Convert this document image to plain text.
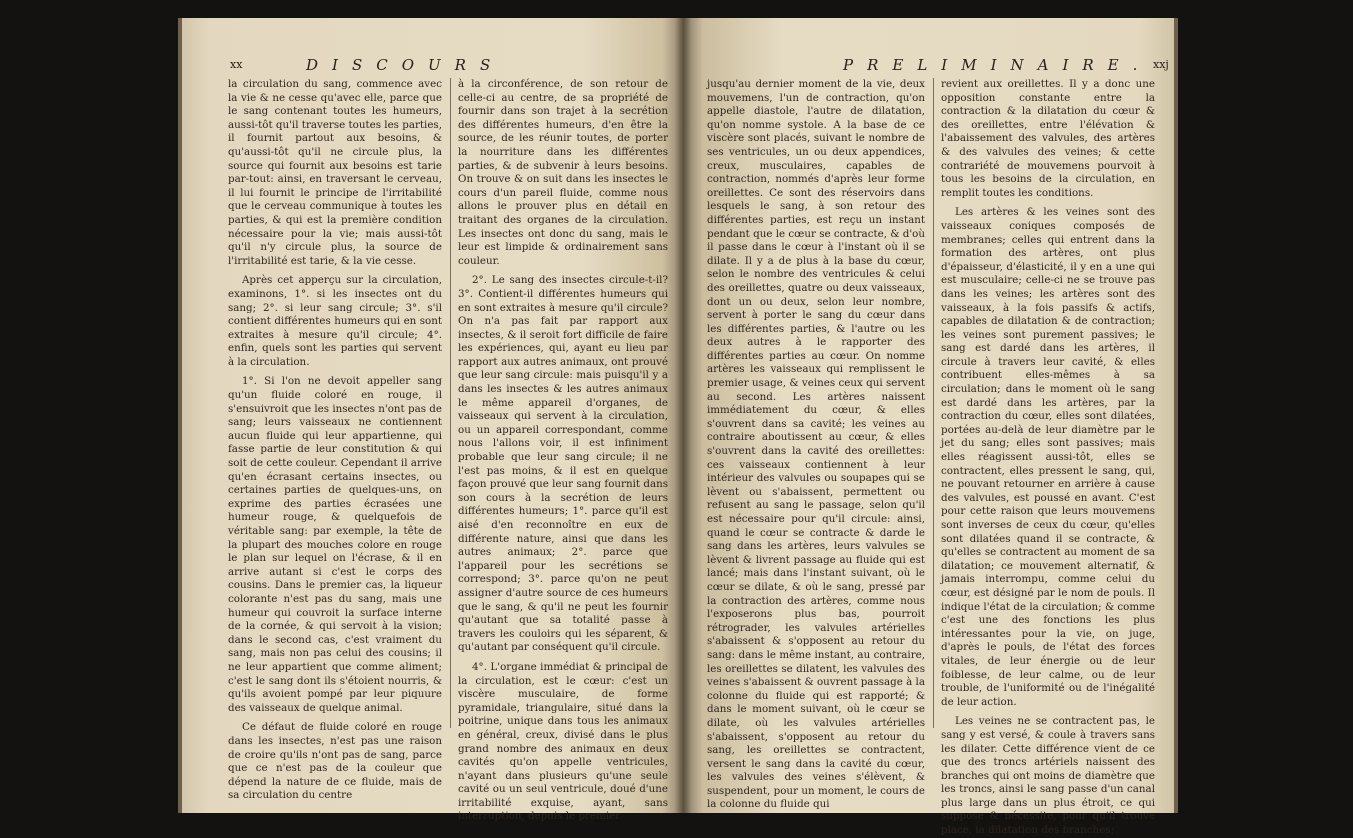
xx	DISCOURS

la circulation du sang, commence avec la vie & ne cesse qu'avec elle, parce que le sang contenant toutes les humeurs, aussi-tôt qu'il traverse toutes les parties, il fournit partout aux besoins, & qu'aussi-tôt qu'il ne circule plus, la source qui fournit aux besoins est tarie par-tout: ainsi, en traversant le cerveau, il lui fournit le principe de l'irritabilité que le cerveau communique à toutes les parties, & qui est la première condition nécessaire pour la vie; mais aussi-tôt qu'il n'y circule plus, la source de l'irritabilité est tarie, & la vie cesse.

Après cet apperçu sur la circulation, examinons, 1°. si les insectes ont du sang; 2°. si leur sang circule; 3°. s'il contient différentes humeurs qui en sont extraites à mesure qu'il circule; 4°. enfin, quels sont les parties qui servent à la circulation.

1°. Si l'on ne devoit appeller sang qu'un fluide coloré en rouge, il s'ensuivroit que les insectes n'ont pas de sang; leurs vaisseaux ne contiennent aucun fluide qui leur appartienne, qui fasse partie de leur constitution & qui soit de cette couleur. Cependant il arrive qu'en écrasant certains insectes, ou certaines parties de quelques-uns, on exprime des parties écrasées une humeur rouge, & quelquefois de véritable sang: par exemple, la tête de la plupart des mouches colore en rouge le plan sur lequel on l'écrase, & il en arrive autant si c'est le corps des cousins. Dans le premier cas, la liqueur colorante n'est pas du sang, mais une humeur qui couvroit la surface interne de la cornée, & qui servoit à la vision; dans le second cas, c'est vraiment du sang, mais non pas celui des cousins; il ne leur appartient que comme aliment; c'est le sang dont ils s'étoient nourris, & qu'ils avoient pompé par leur piquure des vaisseaux de quelque animal.

Ce défaut de fluide coloré en rouge dans les insectes, n'est pas une raison de croire qu'ils n'ont pas de sang, parce que ce n'est pas de la couleur que dépend la nature de ce fluide, mais de sa circulation du centre

à la circonférence, de son retour de celle-ci au centre, de sa propriété de fournir dans son trajet à la secrétion des différentes humeurs, d'en être la source, de les réunir toutes, de porter la nourriture dans les différentes parties, & de subvenir à leurs besoins. On trouve & on suit dans les insectes le cours d'un pareil fluide, comme nous allons le prouver plus en détail en traitant des organes de la circulation. Les insectes ont donc du sang, mais le leur est limpide & ordinairement sans couleur.

2°. Le sang des insectes circule-t-il? 3°. Contient-il différentes humeurs qui en sont extraites à mesure qu'il circule? On n'a pas fait par rapport aux insectes, & il seroit fort difficile de faire les expériences, qui, ayant eu lieu par rapport aux autres animaux, ont prouvé que leur sang circule: mais puisqu'il y a dans les insectes & les autres animaux le même appareil d'organes, de vaisseaux qui servent à la circulation, ou un appareil correspondant, comme nous l'allons voir, il est infiniment probable que leur sang circule; il ne l'est pas moins, & il est en quelque façon prouvé que leur sang fournit dans son cours à la secrétion de leurs différentes humeurs; 1°. parce qu'il est aisé d'en reconnoître en eux de différente nature, ainsi que dans les autres animaux; 2°. parce que l'appareil pour les secrétions se correspond; 3°. parce qu'on ne peut assigner d'autre source de ces humeurs que le sang, & qu'il ne peut les fournir qu'autant que sa totalité passe à travers les couloirs qui les séparent, & qu'autant par conséquent qu'il circule.

4°. L'organe immédiat & principal de la circulation, est le cœur: c'est un viscère musculaire, de forme pyramidale, triangulaire, situé dans la poitrine, unique dans tous les animaux en général, creux, divisé dans le plus grand nombre des animaux en deux cavités qu'on appelle ventricules, n'ayant dans plusieurs qu'une seule cavité ou un seul ventricule, doué d'une irritabilité exquise, ayant, sans interruption, depuis le premier

PRELIMINAIRE. xxj

jusqu'au dernier moment de la vie, deux mouvemens, l'un de contraction, qu'on appelle diastole, l'autre de dilatation, qu'on nomme systole. A la base de ce viscère sont placés, suivant le nombre de ses ventricules, un ou deux appendices, creux, musculaires, capables de contraction, nommés d'après leur forme oreillettes. Ce sont des réservoirs dans lesquels le sang, à son retour des différentes parties, est reçu un instant pendant que le cœur se contracte, & d'où il passe dans le cœur à l'instant où il se dilate. Il y a de plus à la base du cœur, selon le nombre des ventricules & celui des oreillettes, quatre ou deux vaisseaux, dont un ou deux, selon leur nombre, servent à porter le sang du cœur dans les différentes parties, & l'autre ou les deux autres à le rapporter des différentes parties au cœur. On nomme artères les vaisseaux qui remplissent le premier usage, & veines ceux qui servent au second. Les artères naissent immédiatement du cœur, & elles s'ouvrent dans sa cavité; les veines au contraire aboutissent au cœur, & elles s'ouvrent dans la cavité des oreillettes: ces vaisseaux contiennent à leur intérieur des valvules ou soupapes qui se lèvent ou s'abaissent, permettent ou refusent au sang le passage, selon qu'il est nécessaire pour qu'il circule: ainsi, quand le cœur se contracte & darde le sang dans les artères, leurs valvules se lèvent & livrent passage au fluide qui est lancé; mais dans l'instant suivant, où le cœur se dilate, & où le sang, pressé par la contraction des artères, comme nous l'exposerons plus bas, pourroit rétrograder, les valvules artérielles s'abaissent & s'opposent au retour du sang: dans le même instant, au contraire, les oreillettes se dilatent, les valvules des veines s'abaissent & ouvrent passage à la colonne du fluide qui est rapporté; & dans le moment suivant, où le cœur se dilate, où les valvules artérielles s'abaissent, s'opposent au retour du sang, les oreillettes se contractent, versent le sang dans la cavité du cœur, les valvules des veines s'élèvent, & suspendent, pour un moment, le cours de la colonne du fluide qui

revient aux oreillettes. Il y a donc une opposition constante entre la contraction & la dilatation du cœur & des oreillettes, entre l'élévation & l'abaissement des valvules, des artères & des valvules des veines; & cette contrariété de mouvemens pourvoit à tous les besoins de la circulation, en remplit toutes les conditions.

Les artères & les veines sont des vaisseaux coniques composés de membranes; celles qui entrent dans la formation des artères, ont plus d'épaisseur, d'élasticité, il y en a une qui est musculaire; celle-ci ne se trouve pas dans les veines; les artères sont des vaisseaux, à la fois passifs & actifs, capables de dilatation & de contraction; les veines sont purement passives; le sang est dardé dans les artères, il circule à travers leur cavité, & elles contribuent elles-mêmes à sa circulation; dans le moment où le sang est dardé dans les artères, par la contraction du cœur, elles sont dilatées, portées au-delà de leur diamètre par le jet du sang; elles sont passives; mais elles réagissent aussi-tôt, elles se contractent, elles pressent le sang, qui, ne pouvant retourner en arrière à cause des valvules, est poussé en avant. C'est pour cette raison que leurs mouvemens sont inverses de ceux du cœur, qu'elles sont dilatées quand il se contracte, & qu'elles se contractent au moment de sa dilatation; ce mouvement alternatif, & jamais interrompu, comme celui du cœur, est désigné par le nom de pouls. Il indique l'état de la circulation; & comme c'est une des fonctions les plus intéressantes pour la vie, on juge, d'après le pouls, de l'état des forces vitales, de leur énergie ou de leur foiblesse, de leur calme, ou de leur trouble, de l'uniformité ou de l'inégalité de leur action.

Les veines ne se contractent pas, le sang y est versé, & coule à travers sans les dilater. Cette différence vient de ce que des troncs artériels naissent des branches qui ont moins de diamètre que les troncs, ainsi le sang passe d'un canal plus large dans un plus étroit, ce qui suppose & nécessite, pour qu'il trouve place, la dilatation des branches;
